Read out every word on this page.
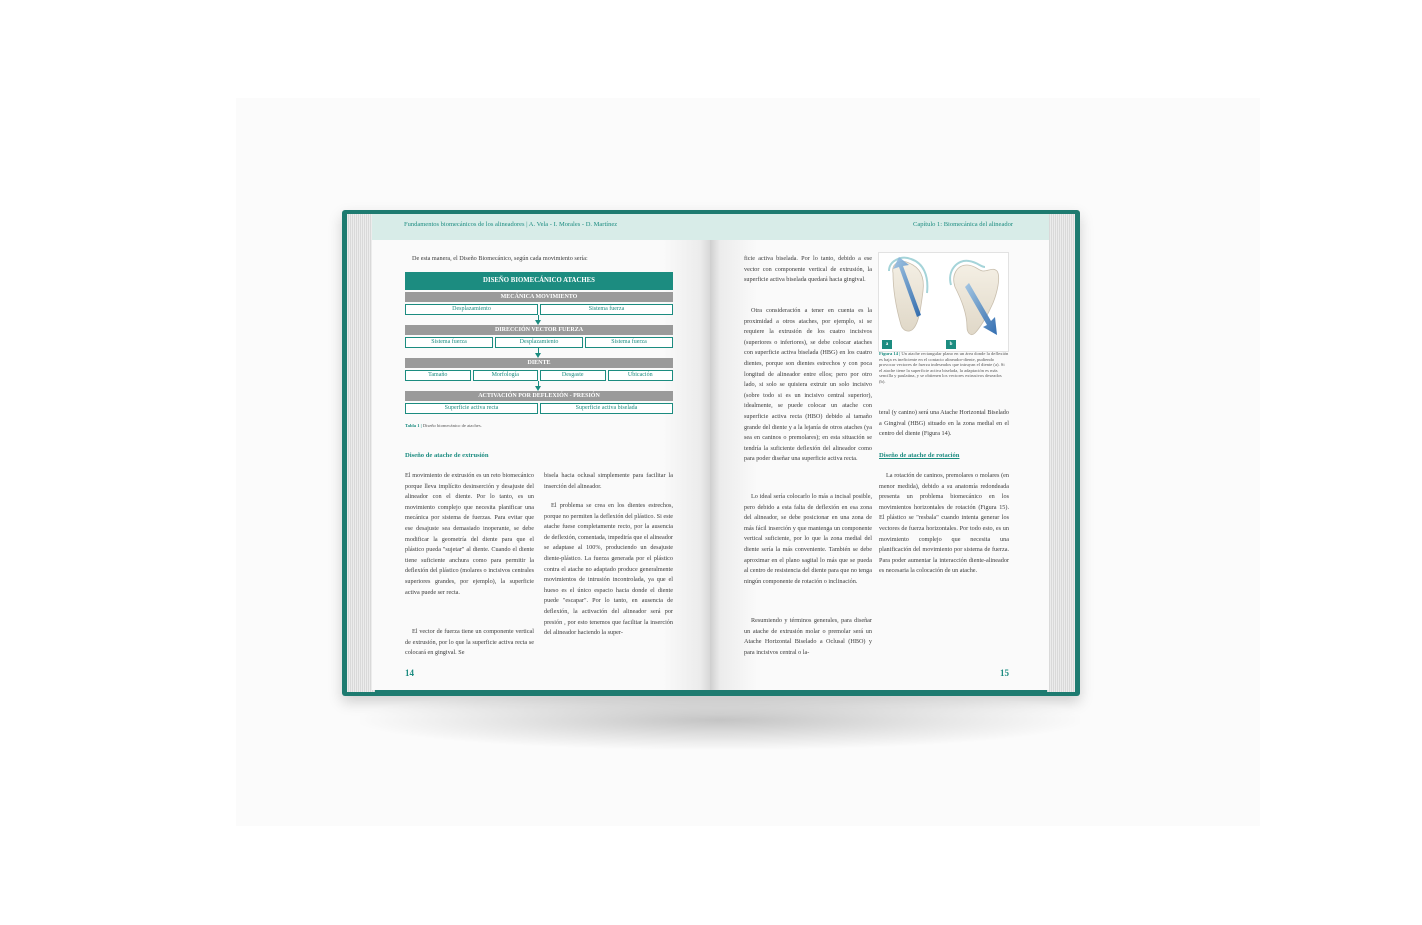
Fundamentos biomecánicos de los alineadores | A. Vela - I. Morales - D. Martínez

De esta manera, el Diseño Biomecánico, según cada movimiento sería:

DISEÑO BIOMECÁNICO ATACHES
MECÁNICA MOVIMIENTO
Desplazamiento	Sistema fuerza
DIRECCIÓN VECTOR FUERZA
Sistema fuerza	Desplazamiento	Sistema fuerza
DIENTE
Tamaño	Morfología	Desgaste	Ubicación
ACTIVACIÓN POR DEFLEXIÓN - PRESIÓN
Superficie activa recta	Superficie activa biselada

Tabla 1 | Diseño biomecánico de ataches.

Diseño de atache de extrusión

El movimiento de extrusión es un reto biomecánico porque lleva implícito desinserción y desajuste del alineador con el diente. Por lo tanto, es un movimiento complejo que necesita planificar una mecánica por sistema de fuerzas. Para evitar que ese desajuste sea demasiado inoperante, se debe modificar la geometría del diente para que el plástico pueda "sujetar" al diente. Cuando el diente tiene suficiente anchura como para permitir la deflexión del plástico (molares o incisivos centrales superiores grandes, por ejemplo), la superficie activa puede ser recta.

El vector de fuerza tiene un componente vertical de extrusión, por lo que la superficie activa recta se colocará en gingival. Se

bisela hacia oclusal simplemente para facilitar la inserción del alineador.

El problema se crea en los dientes estrechos, porque no permiten la deflexión del plástico. Si este atache fuese completamente recto, por la ausencia de deflexión, comentada, impediría que el alineador se adaptase al 100%, produciendo un desajuste diente-plástico. La fuerza generada por el plástico contra el atache no adaptado produce generalmente movimientos de intrusión incontrolada, ya que el hueso es el único espacio hacia donde el diente puede "escapar". Por lo tanto, en ausencia de deflexión, la activación del alineador será por presión , por esto tenemos que facilitar la inserción del alineador haciendo la super-

14
Capítulo 1: Biomecánica del alineador

ficie activa biselada. Por lo tanto, debido a ese vector con componente vertical de extrusión, la superficie activa biselada quedará hacia gingival.

Otra consideración a tener en cuenta es la proximidad a otros ataches, por ejemplo, si se requiere la extrusión de los cuatro incisivos (superiores o inferiores), se debe colocar ataches con superficie activa biselada (HBG) en los cuatro dientes, porque son dientes estrechos y con poca longitud de alineador entre ellos; pero por otro lado, si solo se quisiera extruir un solo incisivo (sobre todo si es un incisivo central superior), idealmente, se puede colocar un atache con superficie activa recta (HBO) debido al tamaño grande del diente y a la lejanía de otros ataches (ya sea en caninos o premolares); en esta situación se tendría la suficiente deflexión del alineador como para poder diseñar una superficie activa recta.

Lo ideal sería colocarlo lo más a incisal posible, pero debido a esta falta de deflexión en esa zona del alineador, se debe posicionar en una zona de más fácil inserción y que mantenga un componente vertical suficiente, por lo que la zona medial del diente sería la más conveniente. También se debe aproximar en el plano sagital lo más que se pueda al centro de resistencia del diente para que no tenga ningún componente de rotación o inclinación.

Resumiendo y términos generales, para diseñar un atache de extrusión molar o premolar será un Atache Horizontal Biselado a Oclusal (HBO) y para incisivos central o la-

a	b

Figura 14 | Un atache rectangular plano en un área donde la deflexión es baja es ineficiente en el contacto alineador-diente, pudiendo provocar vectores de fuerza indeseados que intruyan el diente (a). Si el atache tiene la superficie activa biselada, la adaptación es más sencilla y paulatina, y se obtienen los vectores extrusivos deseados (b).

teral (y canino) será una Atache Horizontal Biselado a Gingival (HBG) situado en la zona medial en el centro del diente (Figura 14).

Diseño de atache de rotación

La rotación de caninos, premolares o molares (en menor medida), debido a su anatomía redondeada presenta un problema biomecánico en los movimientos horizontales de rotación (Figura 15). El plástico se "resbala" cuando intenta generar los vectores de fuerza horizontales. Por todo esto, es un movimiento complejo que necesita una planificación del movimiento por sistema de fuerza. Para poder aumentar la interacción diente-alineador es necesaria la colocación de un atache.

15
